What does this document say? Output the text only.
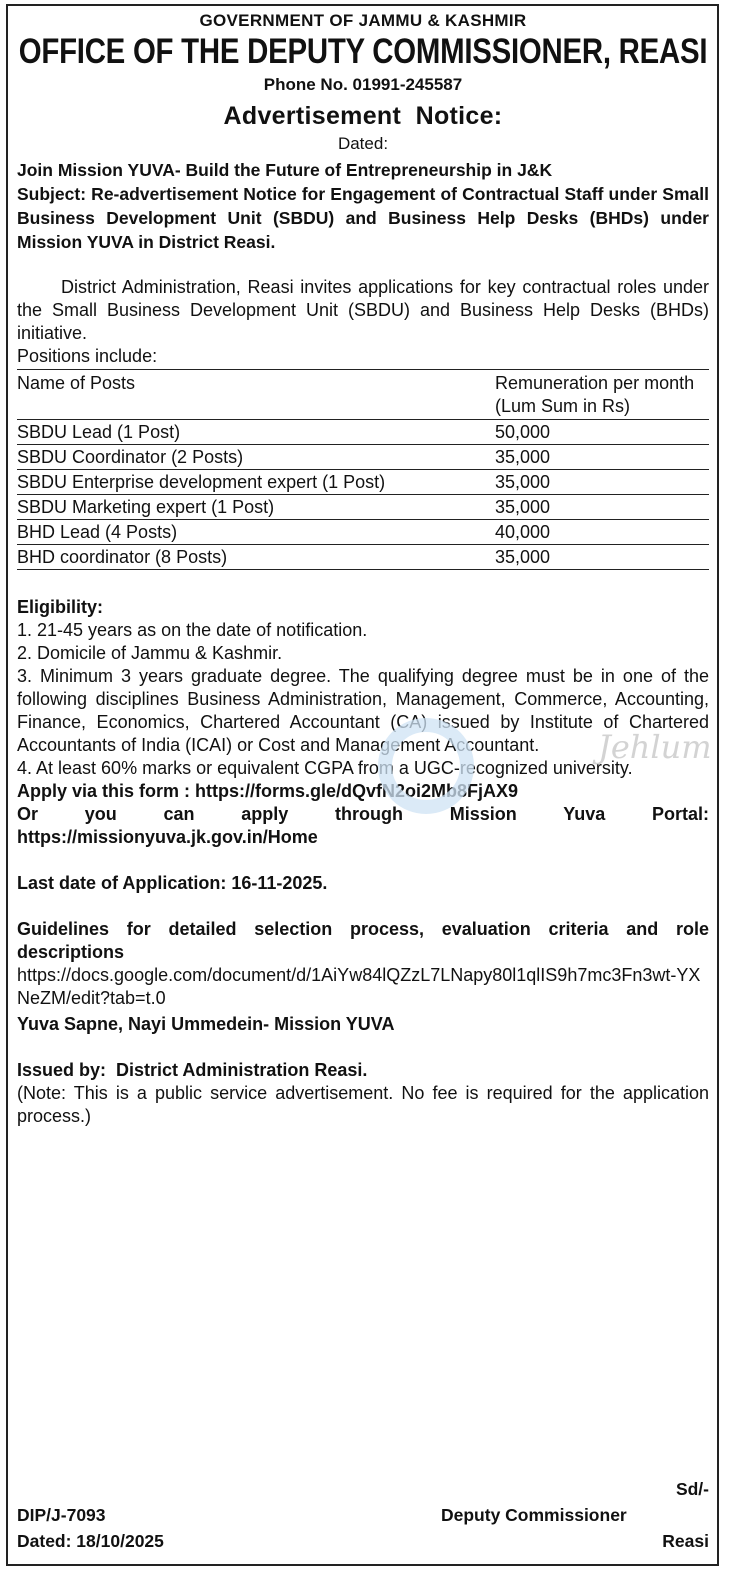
Jehlum
GOVERNMENT OF JAMMU & KASHMIR
OFFICE OF THE DEPUTY COMMISSIONER, REASI
Phone No. 01991-245587
Advertisement  Notice:
Dated:
Join Mission YUVA- Build the Future of Entrepreneurship in J&K
Subject: Re-advertisement Notice for Engagement of Contractual Staff under Small Business Development Unit (SBDU) and Business Help Desks (BHDs) under Mission YUVA in District Reasi.
District Administration, Reasi invites applications for key contractual roles under the Small Business Development Unit (SBDU) and Business Help Desks (BHDs) initiative.
Positions include:
Name of Posts	Remuneration per month (Lum Sum in Rs)
SBDU Lead (1 Post)	50,000
SBDU Coordinator (2 Posts)	35,000
SBDU Enterprise development expert (1 Post)	35,000
SBDU Marketing expert (1 Post)	35,000
BHD Lead (4 Posts)	40,000
BHD coordinator (8 Posts)	35,000
Eligibility:
1. 21-45 years as on the date of notification.
2. Domicile of Jammu & Kashmir.
3. Minimum 3 years graduate degree. The qualifying degree must be in one of the following disciplines Business Administration, Management, Commerce, Accounting, Finance, Economics, Chartered Accountant (CA) issued by Institute of Chartered Accountants of India (ICAI) or Cost and Management Accountant.
4. At least 60% marks or equivalent CGPA from a UGC-recognized university.
Apply via this form : https://forms.gle/dQvfN2oi2Mb8FjAX9
Or you can apply through Mission Yuva Portal: https://missionyuva.jk.gov.in/Home
Last date of Application: 16-11-2025.
Guidelines for detailed selection process, evaluation criteria and role descriptions
https://docs.google.com/document/d/1AiYw84lQZzL7LNapy80l1qlIS9h7mc3Fn3wt-YXNeZM/edit?tab=t.0
Yuva Sapne, Nayi Ummedein- Mission YUVA
Issued by:  District Administration Reasi.
(Note: This is a public service advertisement. No fee is required for the application process.)
Sd/-
DIP/J-7093	Deputy Commissioner
Dated: 18/10/2025	Reasi
